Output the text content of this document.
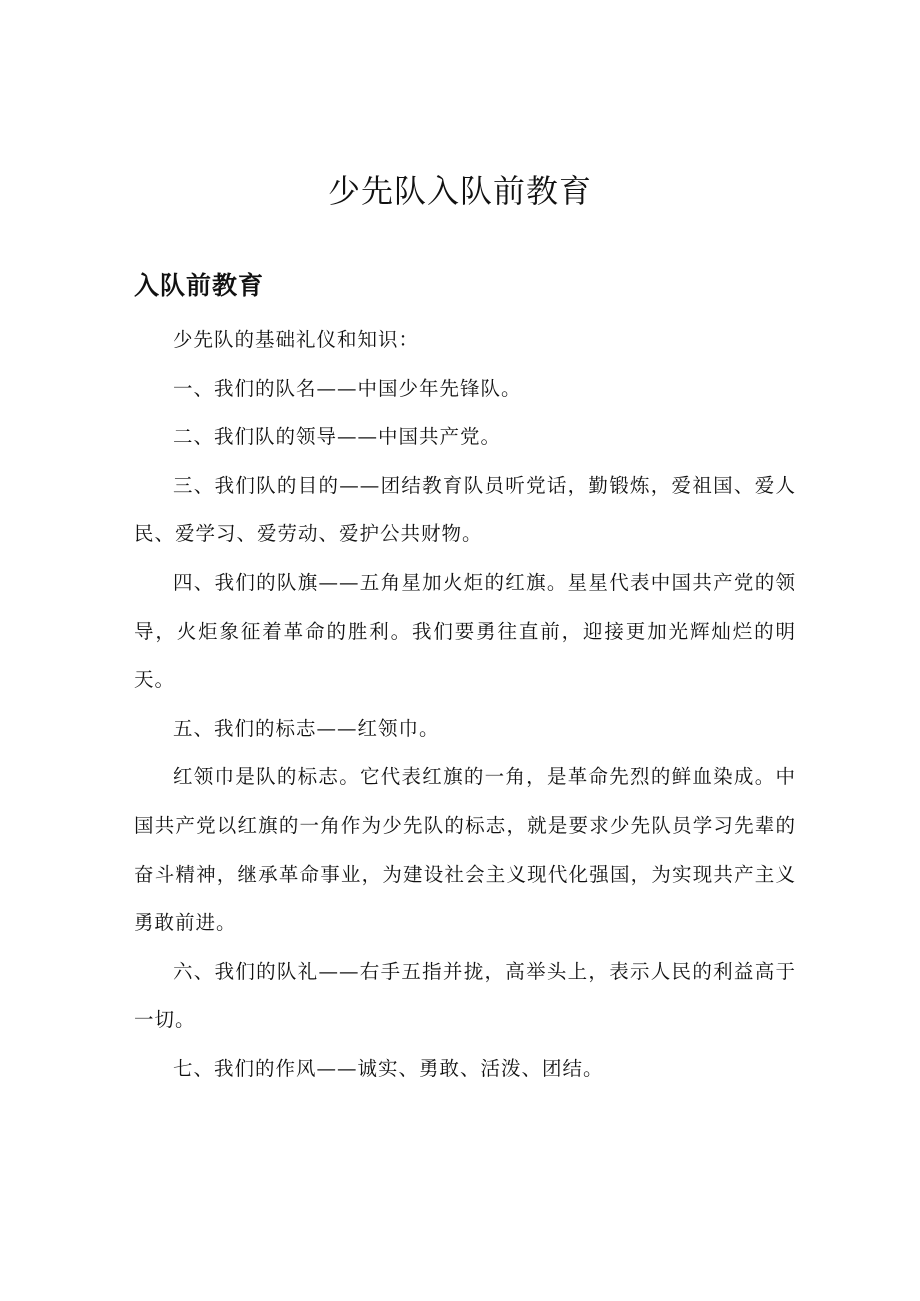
少先队入队前教育
入队前教育

少先队的基础礼仪和知识：

一、我们的队名——中国少年先锋队。

二、我们队的领导——中国共产党。

三、我们队的目的——团结教育队员听党话，勤锻炼，爱祖国、爱人民、爱学习、爱劳动、爱护公共财物。

四、我们的队旗——五角星加火炬的红旗。星星代表中国共产党的领导，火炬象征着革命的胜利。我们要勇往直前，迎接更加光辉灿烂的明天。

五、我们的标志——红领巾。

红领巾是队的标志。它代表红旗的一角，是革命先烈的鲜血染成。中国共产党以红旗的一角作为少先队的标志，就是要求少先队员学习先辈的奋斗精神，继承革命事业，为建设社会主义现代化强国，为实现共产主义勇敢前进。

六、我们的队礼——右手五指并拢，高举头上，表示人民的利益高于一切。

七、我们的作风——诚实、勇敢、活泼、团结。
